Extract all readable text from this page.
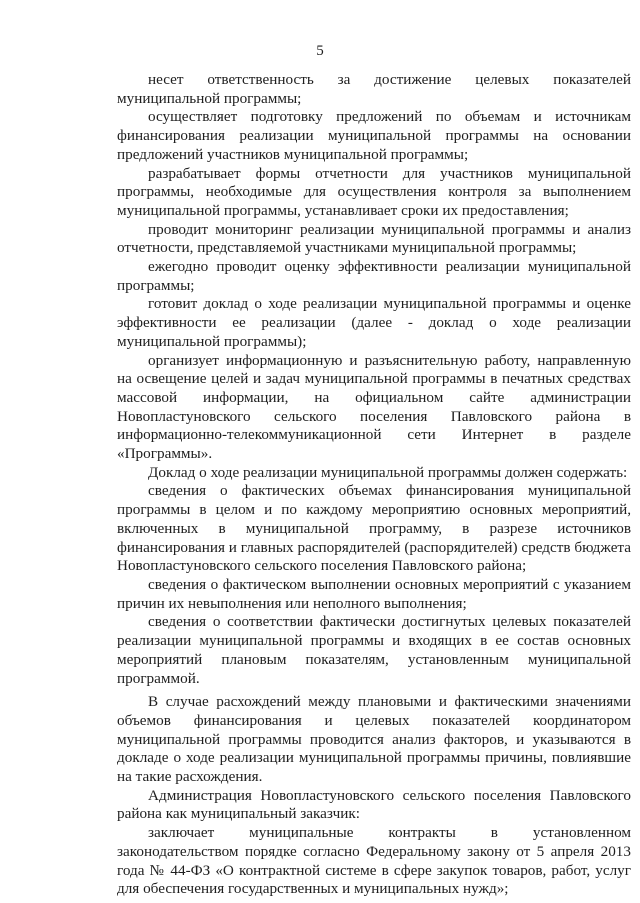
5

несет ответственность за достижение целевых показателей муниципальной программы;

осуществляет подготовку предложений по объемам и источникам финансирования реализации муниципальной программы на основании предложений участников муниципальной программы;

разрабатывает формы отчетности для участников муниципальной программы, необходимые для осуществления контроля за выполнением муниципальной программы, устанавливает сроки их предоставления;

проводит мониторинг реализации муниципальной программы и анализ отчетности, представляемой участниками муниципальной программы;

ежегодно проводит оценку эффективности реализации муниципальной программы;

готовит доклад о ходе реализации муниципальной программы и оценке эффективности ее реализации (далее - доклад о ходе реализации муниципальной программы);

организует информационную и разъяснительную работу, направленную на освещение целей и задач муниципальной программы в печатных средствах массовой информации, на официальном сайте администрации Новопластуновского сельского поселения Павловского района в информационно-телекоммуникационной сети Интернет в разделе «Программы».

Доклад о ходе реализации муниципальной программы должен содержать:

сведения о фактических объемах финансирования муниципальной программы в целом и по каждому мероприятию основных мероприятий, включенных в муниципальной программу, в разрезе источников финансирования и главных распорядителей (распорядителей) средств бюджета Новопластуновского сельского поселения Павловского района;

сведения о фактическом выполнении основных мероприятий с указанием причин их невыполнения или неполного выполнения;

сведения о соответствии фактически достигнутых целевых показателей реализации муниципальной программы и входящих в ее состав основных мероприятий плановым показателям, установленным муниципальной программой.

В случае расхождений между плановыми и фактическими значениями объемов финансирования и целевых показателей координатором муниципальной программы проводится анализ факторов, и указываются в докладе о ходе реализации муниципальной программы причины, повлиявшие на такие расхождения.

Администрация Новопластуновского сельского поселения Павловского района как муниципальный заказчик:

заключает муниципальные контракты в установленном законодательством порядке согласно Федеральному закону от 5 апреля 2013 года № 44-ФЗ «О контрактной системе в сфере закупок товаров, работ, услуг для обеспечения государственных и муниципальных нужд»;
